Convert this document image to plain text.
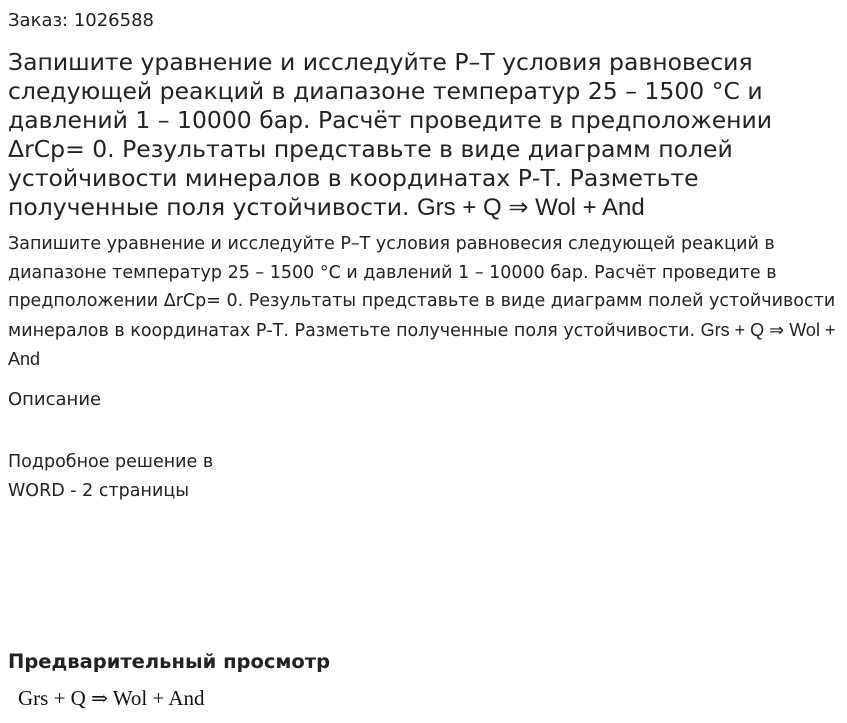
Заказ: 1026588
Запишите уравнение и исследуйте Р–Т условия равновесия следующей реакций в диапазоне температур 25 – 1500 °С и давлений 1 – 10000 бар. Расчёт проведите в предположении ΔrCp= 0. Результаты представьте в виде диаграмм полей устойчивости минералов в координатах Р-Т. Разметьте полученные поля устойчивости. Grs + Q ⇒ Wol + And
Запишите уравнение и исследуйте Р–Т условия равновесия следующей реакций в диапазоне температур 25 – 1500 °С и давлений 1 – 10000 бар. Расчёт проведите в предположении ΔrCp= 0. Результаты представьте в виде диаграмм полей устойчивости минералов в координатах Р-Т. Разметьте полученные поля устойчивости. Grs + Q ⇒ Wol + And
Описание
Подробное решение в
WORD - 2 страницы
Предварительный просмотр
Grs + Q ⇒ Wol + And
